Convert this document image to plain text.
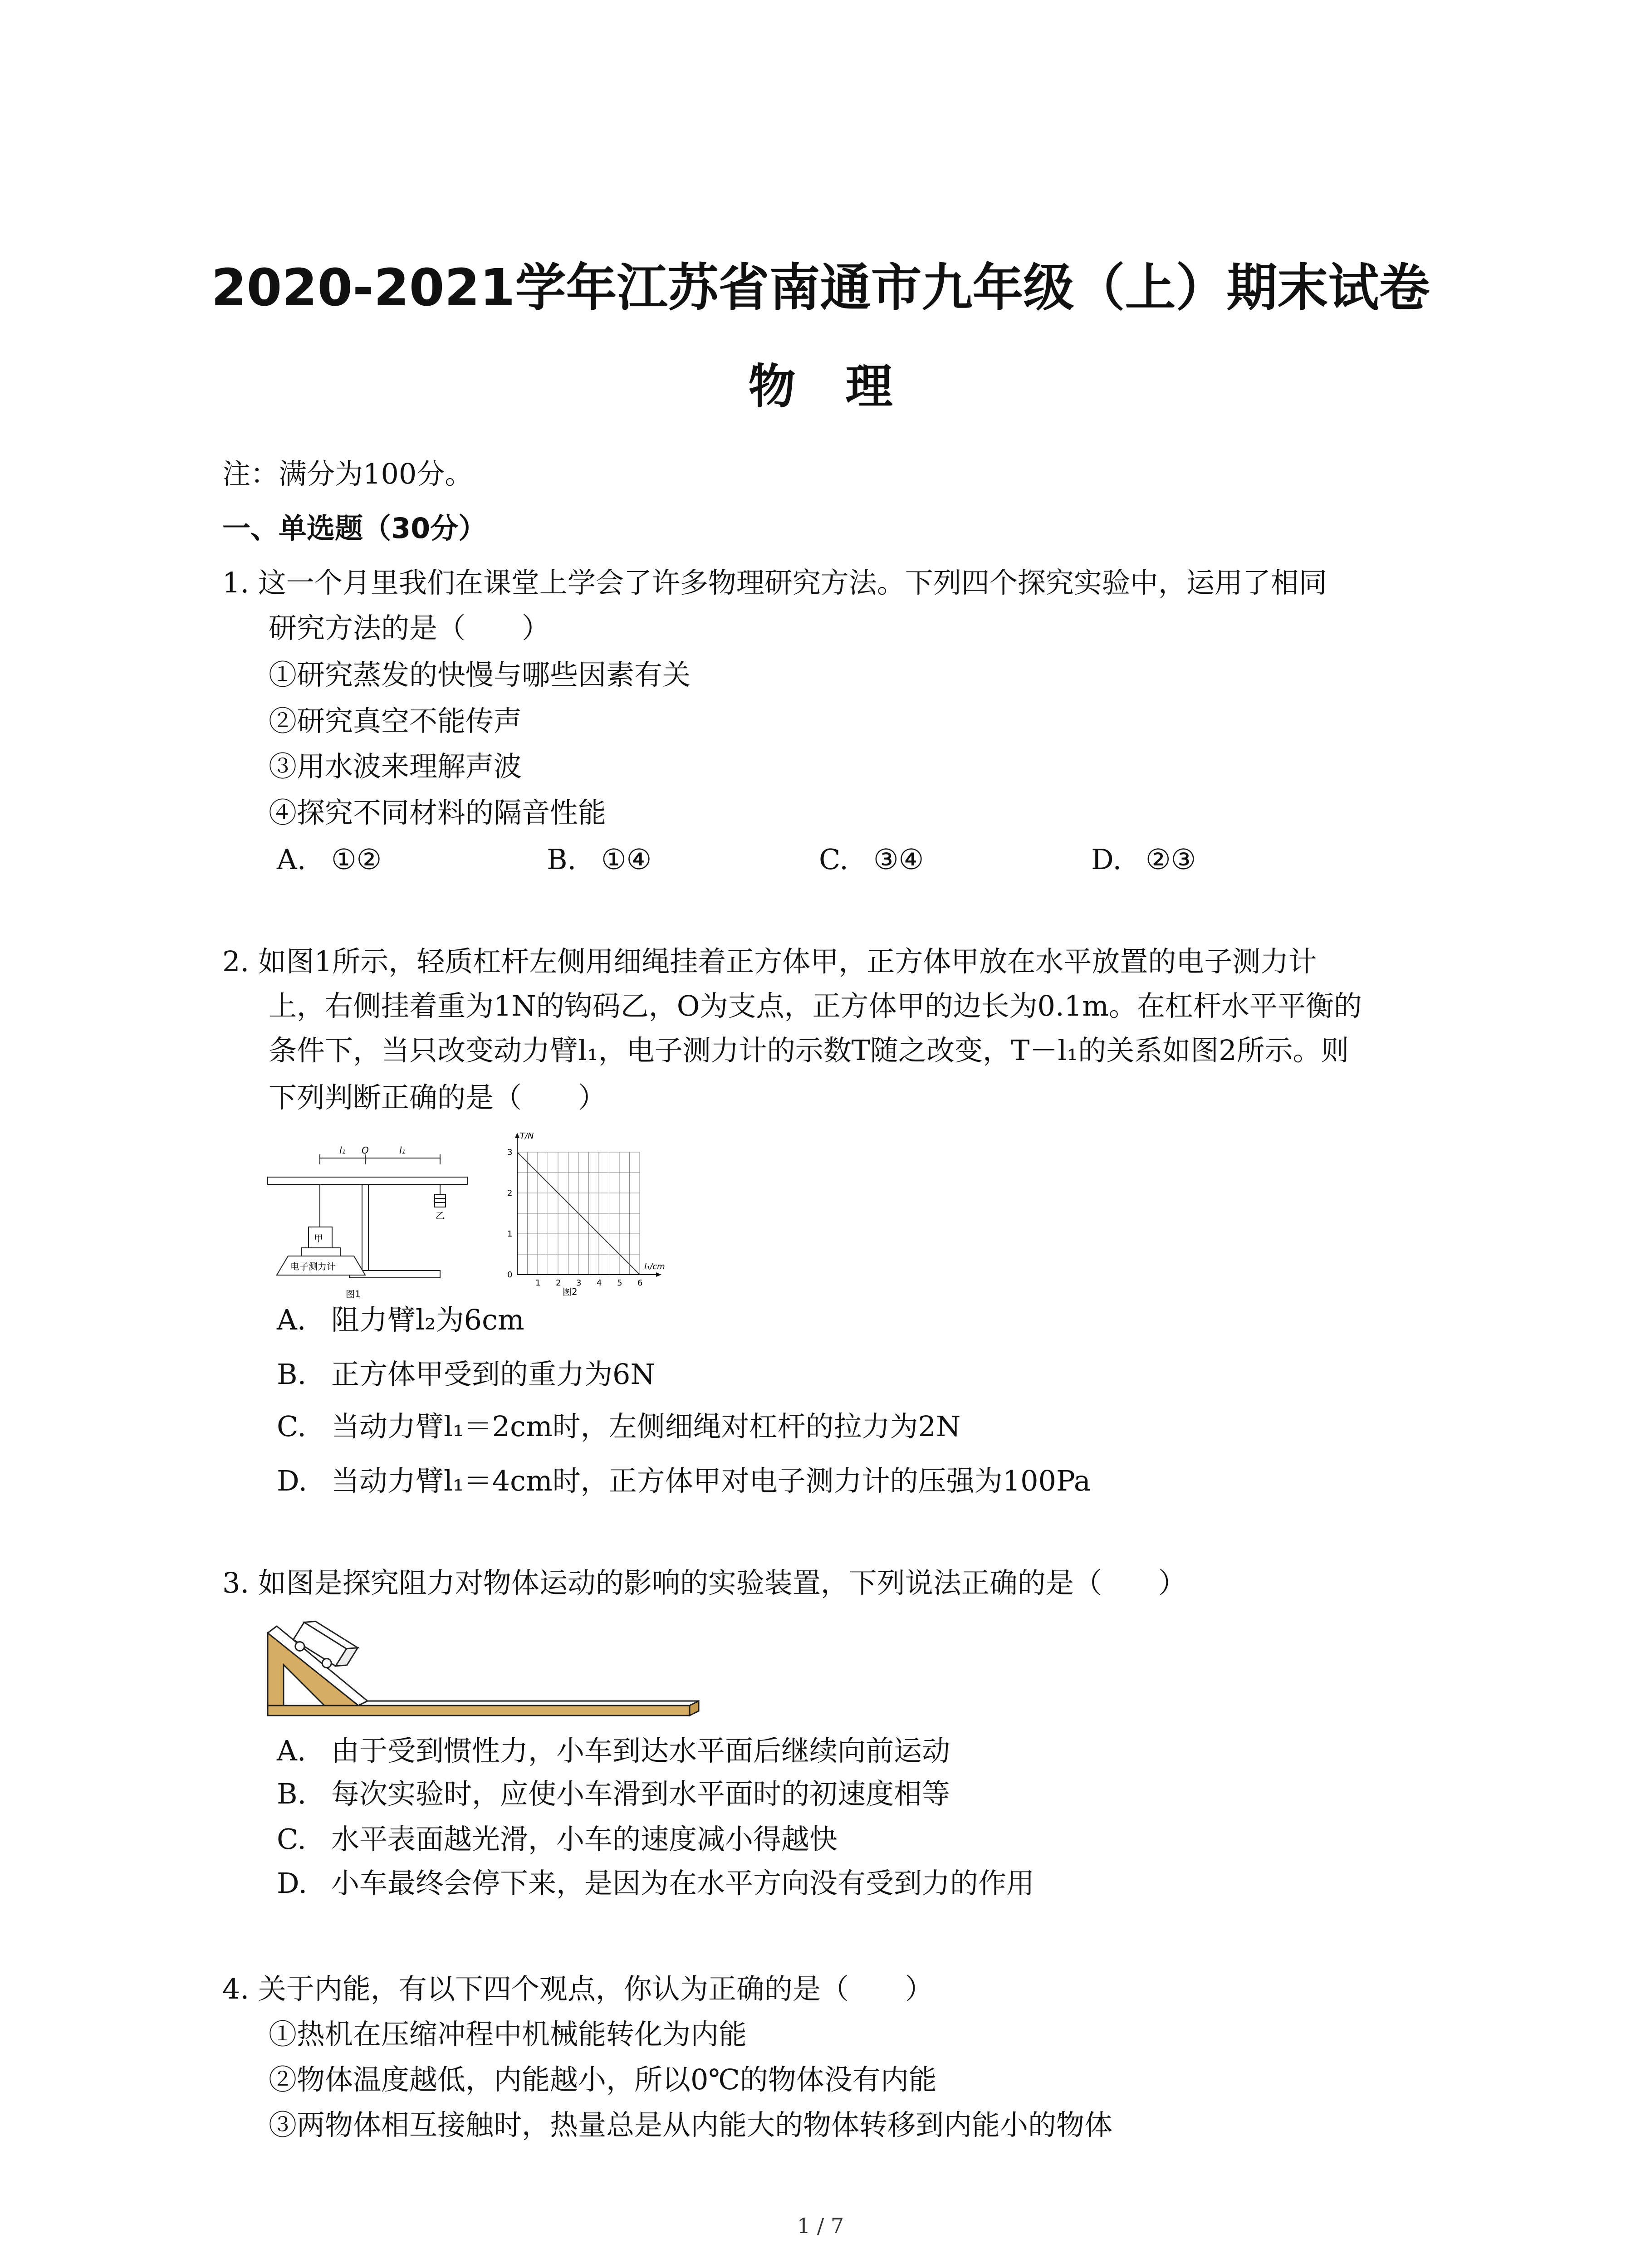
2020-2021学年江苏省南通市九年级（上）期末试卷
物理
注：满分为100分。
一、单选题（30分）
1. 这一个月里我们在课堂上学会了许多物理研究方法。下列四个探究实验中，运用了相同
研究方法的是（　　）
①研究蒸发的快慢与哪些因素有关
②研究真空不能传声
③用水波来理解声波
④探究不同材料的隔音性能
A. ①②	B. ①④	C. ③④	D. ②③
2. 如图1所示，轻质杠杆左侧用细绳挂着正方体甲，正方体甲放在水平放置的电子测力计
上，右侧挂着重为1N的钩码乙，O为支点，正方体甲的边长为0.1m。在杠杆水平平衡的
条件下，当只改变动力臂l₁，电子测力计的示数T随之改变，T－l₁的关系如图2所示。则
下列判断正确的是（　　）
l₁ O	l₁
甲
电子测力计
乙
图1
1 2 3 4 5 6
1
2
3
0
l₁/cm
T/N
图2
A. 阻力臂l₂为6cm
B. 正方体甲受到的重力为6N
C. 当动力臂l₁＝2cm时，左侧细绳对杠杆的拉力为2N
D. 当动力臂l₁＝4cm时，正方体甲对电子测力计的压强为100Pa
3. 如图是探究阻力对物体运动的影响的实验装置，下列说法正确的是（　　）
A. 由于受到惯性力，小车到达水平面后继续向前运动
B. 每次实验时，应使小车滑到水平面时的初速度相等
C. 水平表面越光滑，小车的速度减小得越快
D. 小车最终会停下来，是因为在水平方向没有受到力的作用
4. 关于内能，有以下四个观点，你认为正确的是（　　）
①热机在压缩冲程中机械能转化为内能
②物体温度越低，内能越小，所以0℃的物体没有内能
③两物体相互接触时，热量总是从内能大的物体转移到内能小的物体
1 / 7
